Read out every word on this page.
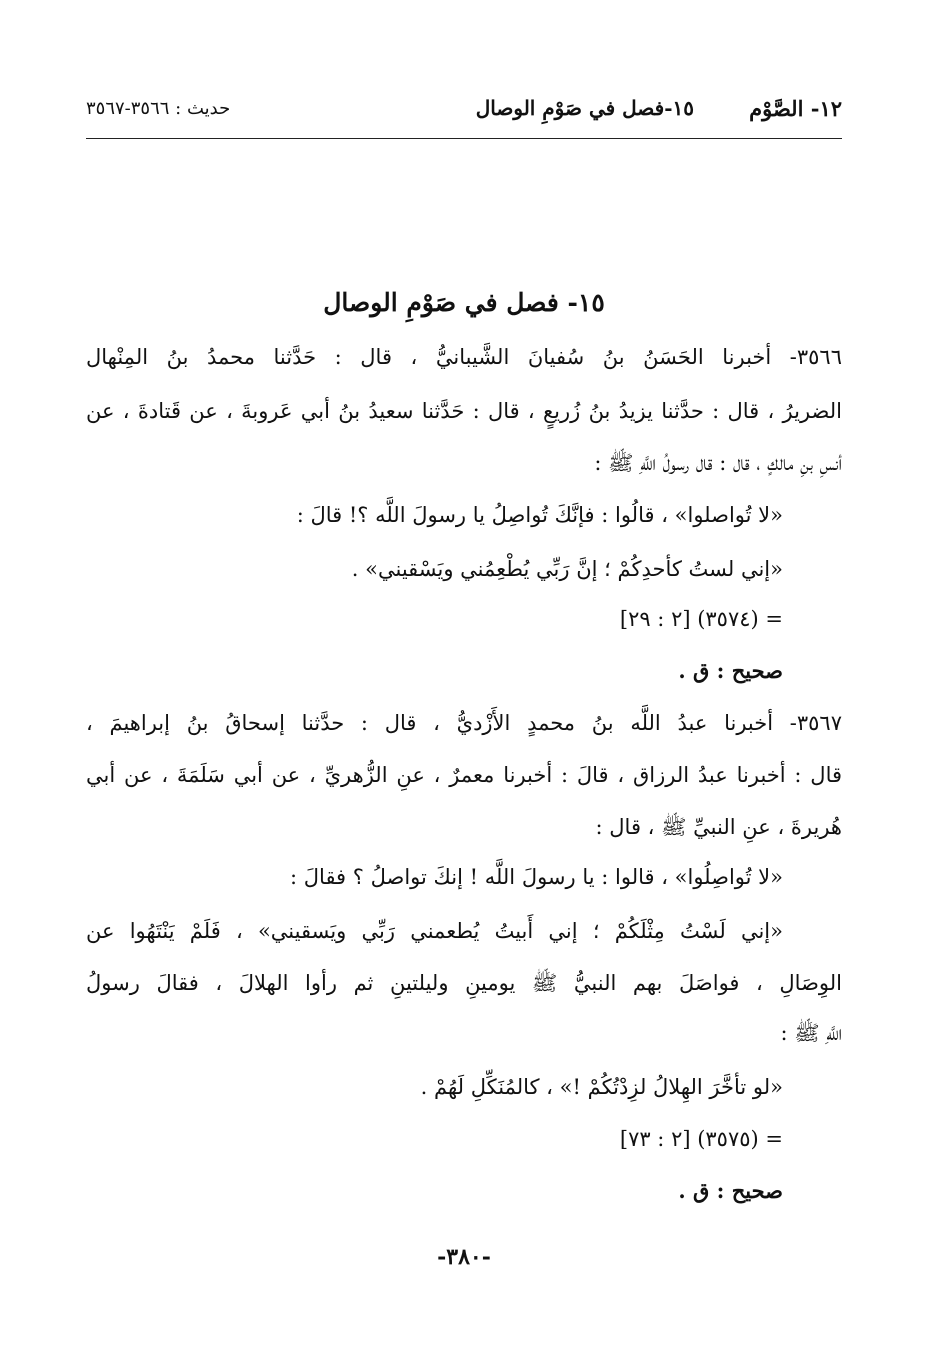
١٢- الصَّوْم
١٥-فصل في صَوْمِ الوصال
حديث : ٣٥٦٦-٣٥٦٧
١٥- فصل في صَوْمِ الوصال
٣٥٦٦- أخبرنا الحَسَنُ بنُ سُفيانَ الشَّيبانيُّ ، قال : حَدَّثنا محمدُ بنُ المِنْهال
الضريرُ ، قال : حدَّثنا يزيدُ بنُ زُريعٍ ، قال : حَدَّثنا سعيدُ بنُ أبي عَروبةَ ، عن قَتادةَ ، عن
أنسِ بنِ مالكٍ ، قال : قال رسولُ اللَّهِ ﷺ :
«لا تُواصلوا» ، قالُوا : فإنَّكَ تُواصِلُ يا رسولَ اللَّه ؟! قالَ :
«إني لستُ كأحدِكُمْ ؛ إنَّ رَبِّي يُطْعِمُني ويَسْقيني» .
= (٣٥٧٤) [٢ : ٢٩]
صحيح : ق .
٣٥٦٧- أخبرنا عبدُ اللَّه بنُ محمدٍ الأَزْديُّ ، قال : حدَّثنا إسحاقُ بنُ إبراهيمَ ،
قال : أخبرنا عبدُ الرزاق ، قالَ : أخبرنا معمرٌ ، عنِ الزُّهريِّ ، عن أبي سَلَمَةَ ، عن أبي
هُريرةَ ، عنِ النبيِّ ﷺ ، قال :
«لا تُواصِلُوا» ، قالوا : يا رسولَ اللَّه ! إنكَ تواصلُ ؟ فقالَ :
«إني لَسْتُ مِثْلَكُمْ ؛ إني أَبيتُ يُطعمني رَبِّي ويَسقيني» ، فَلَمْ يَنْتَهُوا عن
الوِصَالِ ، فواصَلَ بهم النبيُّ ﷺ يومينِ وليلتينِ ثم رأوا الهلالَ ، فقالَ رسولُ
اللَّهِ ﷺ :
«لو تأخَّرَ الهِلالُ لزِدْتُكُمْ !» ، كالمُنَكِّلِ لَهُمْ .
= (٣٥٧٥) [٢ : ٧٣]
صحيح : ق .
-٣٨٠-
